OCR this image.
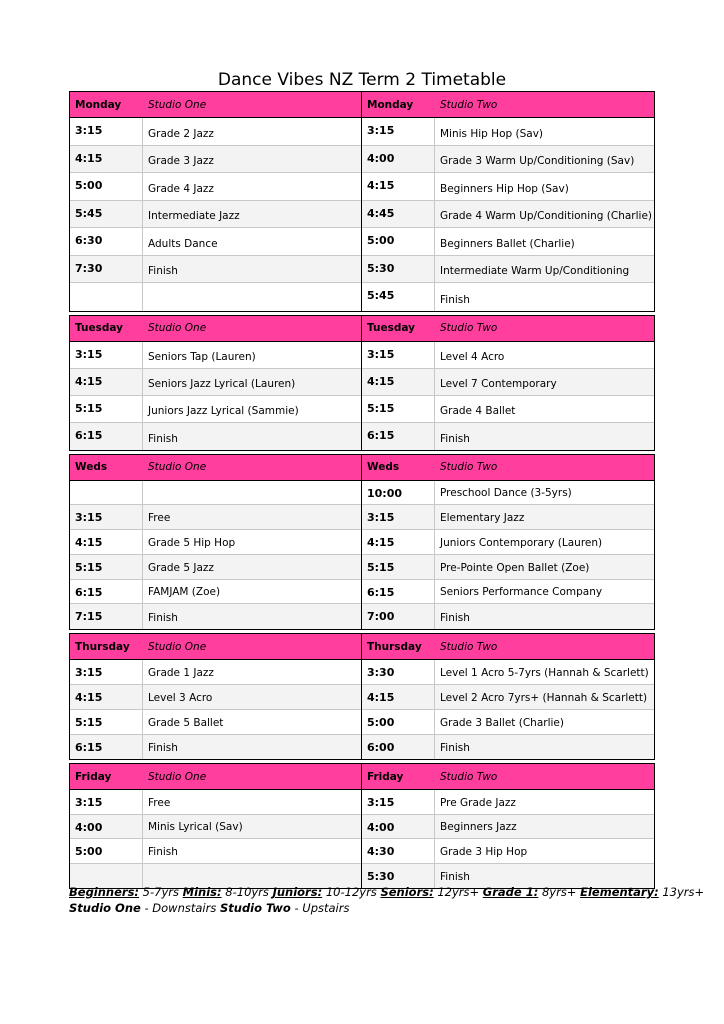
Dance Vibes NZ Term 2 Timetable
Monday	Studio One
3:15	Grade 2 Jazz
4:15	Grade 3 Jazz
5:00	Grade 4 Jazz
5:45	Intermediate Jazz
6:30	Adults Dance
7:30	Finish
Monday	Studio Two
3:15	Minis Hip Hop (Sav)
4:00	Grade 3 Warm Up/Conditioning (Sav)
4:15	Beginners Hip Hop (Sav)
4:45	Grade 4 Warm Up/Conditioning (Charlie)
5:00	Beginners Ballet (Charlie)
5:30	Intermediate Warm Up/Conditioning
5:45	Finish
Tuesday	Studio One
3:15	Seniors Tap (Lauren)
4:15	Seniors Jazz Lyrical (Lauren)
5:15	Juniors Jazz Lyrical (Sammie)
6:15	Finish
Tuesday	Studio Two
3:15	Level 4 Acro
4:15	Level 7 Contemporary
5:15	Grade 4 Ballet
6:15	Finish
Weds	Studio One
3:15	Free
4:15	Grade 5 Hip Hop
5:15	Grade 5 Jazz
6:15	FAMJAM (Zoe)
7:15	Finish
Weds	Studio Two
10:00	Preschool Dance (3-5yrs)
3:15	Elementary Jazz
4:15	Juniors Contemporary (Lauren)
5:15	Pre-Pointe Open Ballet (Zoe)
6:15	Seniors Performance Company
7:00	Finish
Thursday	Studio One
3:15	Grade 1 Jazz
4:15	Level 3 Acro
5:15	Grade 5 Ballet
6:15	Finish
Thursday	Studio Two
3:30	Level 1 Acro 5-7yrs (Hannah & Scarlett)
4:15	Level 2 Acro 7yrs+ (Hannah & Scarlett)
5:00	Grade 3 Ballet (Charlie)
6:00	Finish
Friday	Studio One
3:15	Free
4:00	Minis Lyrical (Sav)
5:00	Finish
Friday	Studio Two
3:15	Pre Grade Jazz
4:00	Beginners Jazz
4:30	Grade 3 Hip Hop
5:30	Finish
Beginners: 5-7yrs Minis: 8-10yrs Juniors: 10-12yrs Seniors: 12yrs+ Grade 1: 8yrs+ Elementary: 13yrs+
Studio One - Downstairs Studio Two - Upstairs
